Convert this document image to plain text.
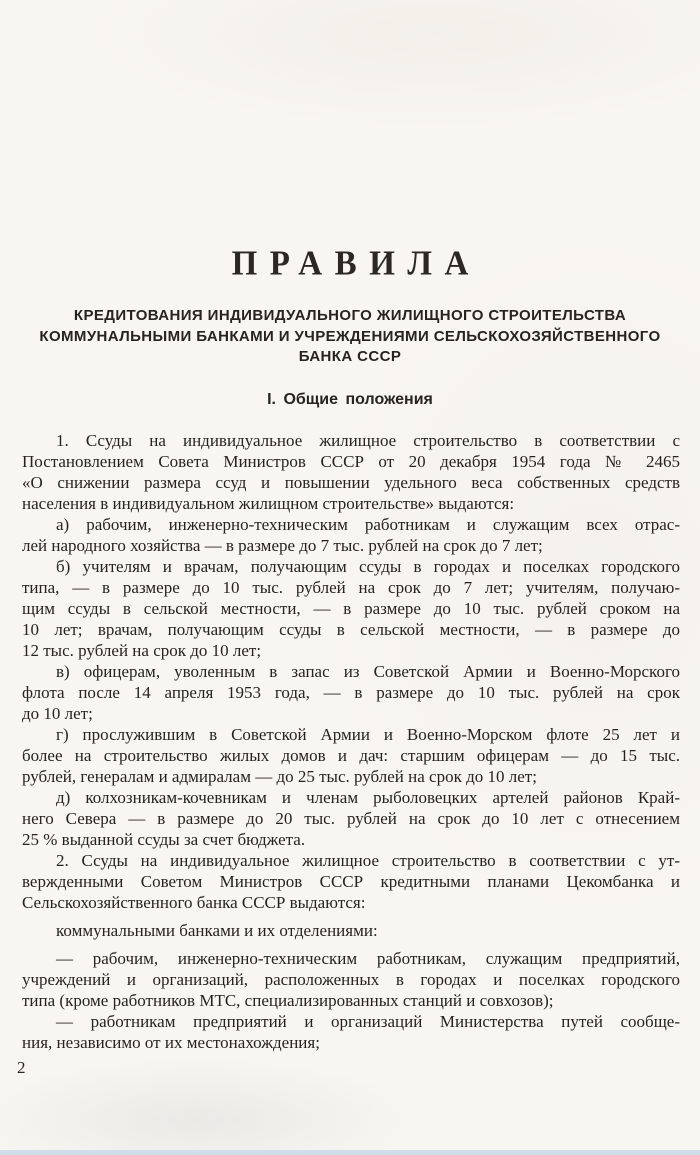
ПРАВИЛА
КРЕДИТОВАНИЯ ИНДИВИДУАЛЬНОГО ЖИЛИЩНОГО СТРОИТЕЛЬСТВА
КОММУНАЛЬНЫМИ БАНКАМИ И УЧРЕЖДЕНИЯМИ СЕЛЬСКОХОЗЯЙСТВЕННОГО
БАНКА СССР
I. Общие положения
1. Ссуды на индивидуальное жилищное строительство в соответствии с
Постановлением Совета Министров СССР от 20 декабря 1954 года № 2465
«О снижении размера ссуд и повышении удельного веса собственных средств
населения в индивидуальном жилищном строительстве» выдаются:
а) рабочим, инженерно-техническим работникам и служащим всех отрас-
лей народного хозяйства — в размере до 7 тыс. рублей на срок до 7 лет;
б) учителям и врачам, получающим ссуды в городах и поселках городского
типа, — в размере до 10 тыс. рублей на срок до 7 лет; учителям, получаю-
щим ссуды в сельской местности, — в размере до 10 тыс. рублей сроком на
10 лет; врачам, получающим ссуды в сельской местности, — в размере до
12 тыс. рублей на срок до 10 лет;
в) офицерам, уволенным в запас из Советской Армии и Военно-Морского
флота после 14 апреля 1953 года, — в размере до 10 тыс. рублей на срок
до 10 лет;
г) прослужившим в Советской Армии и Военно-Морском флоте 25 лет и
более на строительство жилых домов и дач: старшим офицерам — до 15 тыс.
рублей, генералам и адмиралам — до 25 тыс. рублей на срок до 10 лет;
д) колхозникам-кочевникам и членам рыболовецких артелей районов Край-
него Севера — в размере до 20 тыс. рублей на срок до 10 лет с отнесением
25 % выданной ссуды за счет бюджета.
2. Ссуды на индивидуальное жилищное строительство в соответствии с ут-
вержденными Советом Министров СССР кредитными планами Цекомбанка и
Сельскохозяйственного банка СССР выдаются:
коммунальными банками и их отделениями:
— рабочим, инженерно-техническим работникам, служащим предприятий,
учреждений и организаций, расположенных в городах и поселках городского
типа (кроме работников МТС, специализированных станций и совхозов);
— работникам предприятий и организаций Министерства путей сообще-
ния, независимо от их местонахождения;
2
